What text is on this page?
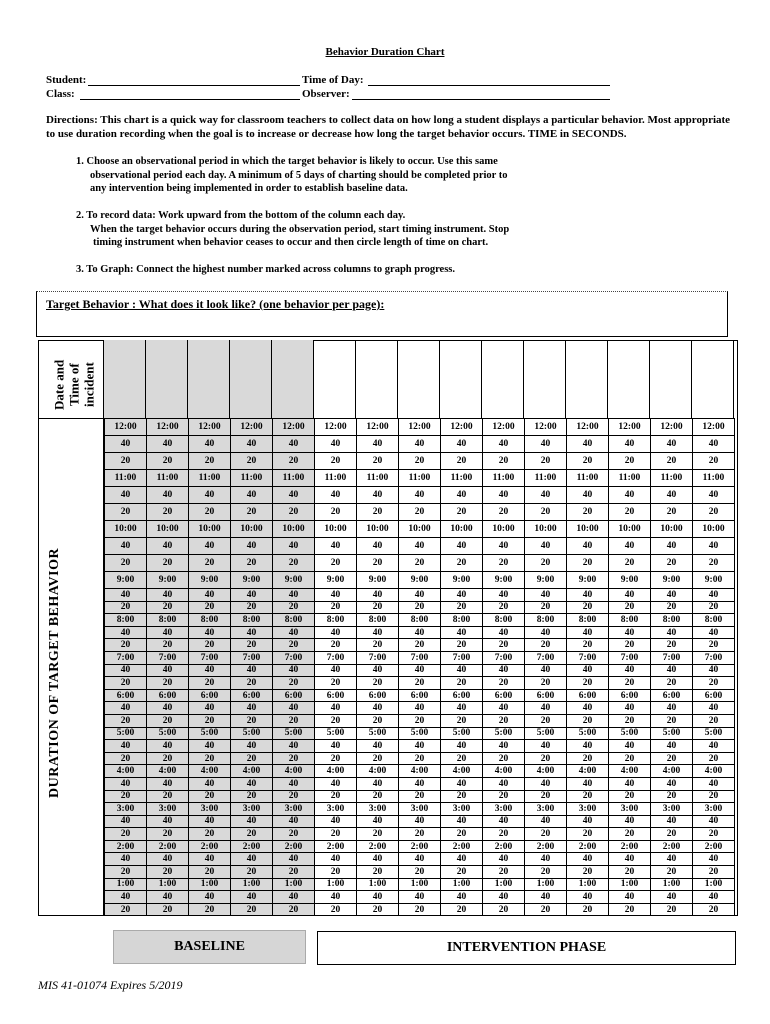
Behavior Duration Chart
Student:	Time of Day:
Class:	Observer:
Directions: This chart is a quick way for classroom teachers to collect data on how long a student displays a particular behavior. Most appropriate to use duration recording when the goal is to increase or decrease how long the target behavior occurs. TIME in SECONDS.
1. Choose an observational period in which the target behavior is likely to occur. Use this same
observational period each day. A minimum of 5 days of charting should be completed prior to
any intervention being implemented in order to establish baseline data.
2. To record data: Work upward from the bottom of the column each day.
When the target behavior occurs during the observation period, start timing instrument. Stop
timing instrument when behavior ceases to occur and then circle length of time on chart.
3. To Graph: Connect the highest number marked across columns to graph progress.
Target Behavior : What does it look like? (one behavior per page):
Date and Time of incident
DURATION OF TARGET BEHAVIOR
12:00	12:00	12:00	12:00	12:00	12:00	12:00	12:00	12:00	12:00	12:00	12:00	12:00	12:00	12:00
40	40	40	40	40	40	40	40	40	40	40	40	40	40	40
20	20	20	20	20	20	20	20	20	20	20	20	20	20	20
11:00	11:00	11:00	11:00	11:00	11:00	11:00	11:00	11:00	11:00	11:00	11:00	11:00	11:00	11:00
40	40	40	40	40	40	40	40	40	40	40	40	40	40	40
20	20	20	20	20	20	20	20	20	20	20	20	20	20	20
10:00	10:00	10:00	10:00	10:00	10:00	10:00	10:00	10:00	10:00	10:00	10:00	10:00	10:00	10:00
40	40	40	40	40	40	40	40	40	40	40	40	40	40	40
20	20	20	20	20	20	20	20	20	20	20	20	20	20	20
9:00	9:00	9:00	9:00	9:00	9:00	9:00	9:00	9:00	9:00	9:00	9:00	9:00	9:00	9:00
40	40	40	40	40	40	40	40	40	40	40	40	40	40	40
20	20	20	20	20	20	20	20	20	20	20	20	20	20	20
8:00	8:00	8:00	8:00	8:00	8:00	8:00	8:00	8:00	8:00	8:00	8:00	8:00	8:00	8:00
40	40	40	40	40	40	40	40	40	40	40	40	40	40	40
20	20	20	20	20	20	20	20	20	20	20	20	20	20	20
7:00	7:00	7:00	7:00	7:00	7:00	7:00	7:00	7:00	7:00	7:00	7:00	7:00	7:00	7:00
40	40	40	40	40	40	40	40	40	40	40	40	40	40	40
20	20	20	20	20	20	20	20	20	20	20	20	20	20	20
6:00	6:00	6:00	6:00	6:00	6:00	6:00	6:00	6:00	6:00	6:00	6:00	6:00	6:00	6:00
40	40	40	40	40	40	40	40	40	40	40	40	40	40	40
20	20	20	20	20	20	20	20	20	20	20	20	20	20	20
5:00	5:00	5:00	5:00	5:00	5:00	5:00	5:00	5:00	5:00	5:00	5:00	5:00	5:00	5:00
40	40	40	40	40	40	40	40	40	40	40	40	40	40	40
20	20	20	20	20	20	20	20	20	20	20	20	20	20	20
4:00	4:00	4:00	4:00	4:00	4:00	4:00	4:00	4:00	4:00	4:00	4:00	4:00	4:00	4:00
40	40	40	40	40	40	40	40	40	40	40	40	40	40	40
20	20	20	20	20	20	20	20	20	20	20	20	20	20	20
3:00	3:00	3:00	3:00	3:00	3:00	3:00	3:00	3:00	3:00	3:00	3:00	3:00	3:00	3:00
40	40	40	40	40	40	40	40	40	40	40	40	40	40	40
20	20	20	20	20	20	20	20	20	20	20	20	20	20	20
2:00	2:00	2:00	2:00	2:00	2:00	2:00	2:00	2:00	2:00	2:00	2:00	2:00	2:00	2:00
40	40	40	40	40	40	40	40	40	40	40	40	40	40	40
20	20	20	20	20	20	20	20	20	20	20	20	20	20	20
1:00	1:00	1:00	1:00	1:00	1:00	1:00	1:00	1:00	1:00	1:00	1:00	1:00	1:00	1:00
40	40	40	40	40	40	40	40	40	40	40	40	40	40	40
20	20	20	20	20	20	20	20	20	20	20	20	20	20	20
BASELINE	INTERVENTION PHASE
MIS 41-01074 Expires 5/2019
